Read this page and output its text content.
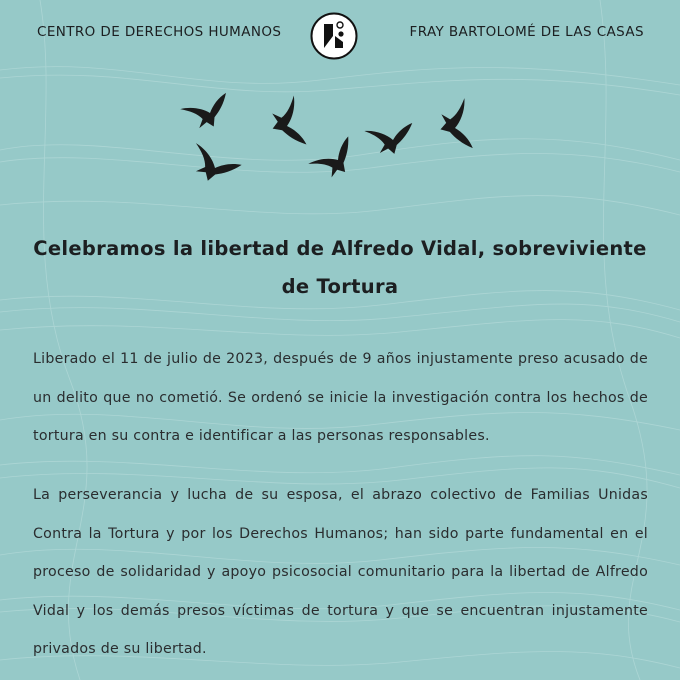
CENTRO DE DERECHOS HUMANOS	FRAY BARTOLOMÉ DE LAS CASAS
Celebramos la libertad de Alfredo Vidal, sobreviviente de Tortura

Liberado el 11 de julio de 2023, después de 9 años injustamente preso acusado de un delito que no cometió. Se ordenó se inicie la investigación contra los hechos de tortura en su contra e identificar a las personas responsables.

La perseverancia y lucha de su esposa, el abrazo colectivo de Familias Unidas Contra la Tortura y por los Derechos Humanos; han sido parte fundamental en el proceso de solidaridad y apoyo psicosocial comunitario para la libertad de Alfredo Vidal y los demás presos víctimas de tortura y que se encuentran injustamente privados de su libertad.
